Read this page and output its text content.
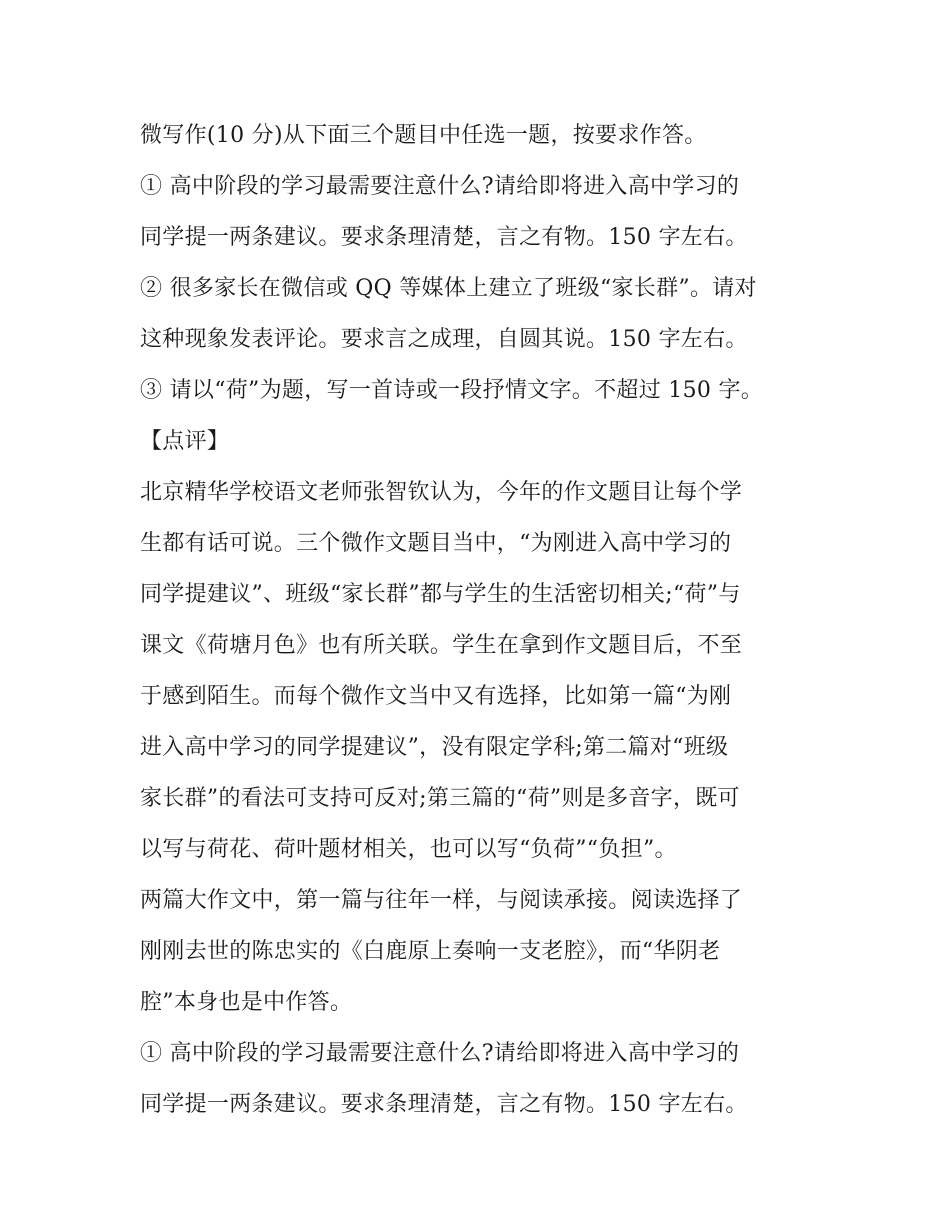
微写作(10 分)从下面三个题目中任选一题，按要求作答。

① 高中阶段的学习最需要注意什么?请给即将进入高中学习的
同学提一两条建议。要求条理清楚，言之有物。150 字左右。

② 很多家长在微信或 QQ 等媒体上建立了班级“家长群”。请对
这种现象发表评论。要求言之成理，自圆其说。150 字左右。

③ 请以“荷”为题，写一首诗或一段抒情文字。不超过 150 字。

【点评】

北京精华学校语文老师张智钦认为，今年的作文题目让每个学
生都有话可说。三个微作文题目当中，“为刚进入高中学习的
同学提建议”、班级“家长群”都与学生的生活密切相关;“荷”与
课文《荷塘月色》也有所关联。学生在拿到作文题目后，不至
于感到陌生。而每个微作文当中又有选择，比如第一篇“为刚
进入高中学习的同学提建议”，没有限定学科;第二篇对“班级
家长群”的看法可支持可反对;第三篇的“荷”则是多音字，既可
以写与荷花、荷叶题材相关，也可以写“负荷”“负担”。

两篇大作文中，第一篇与往年一样，与阅读承接。阅读选择了
刚刚去世的陈忠实的《白鹿原上奏响一支老腔》，而“华阴老
腔”本身也是中作答。

① 高中阶段的学习最需要注意什么?请给即将进入高中学习的
同学提一两条建议。要求条理清楚，言之有物。150 字左右。
